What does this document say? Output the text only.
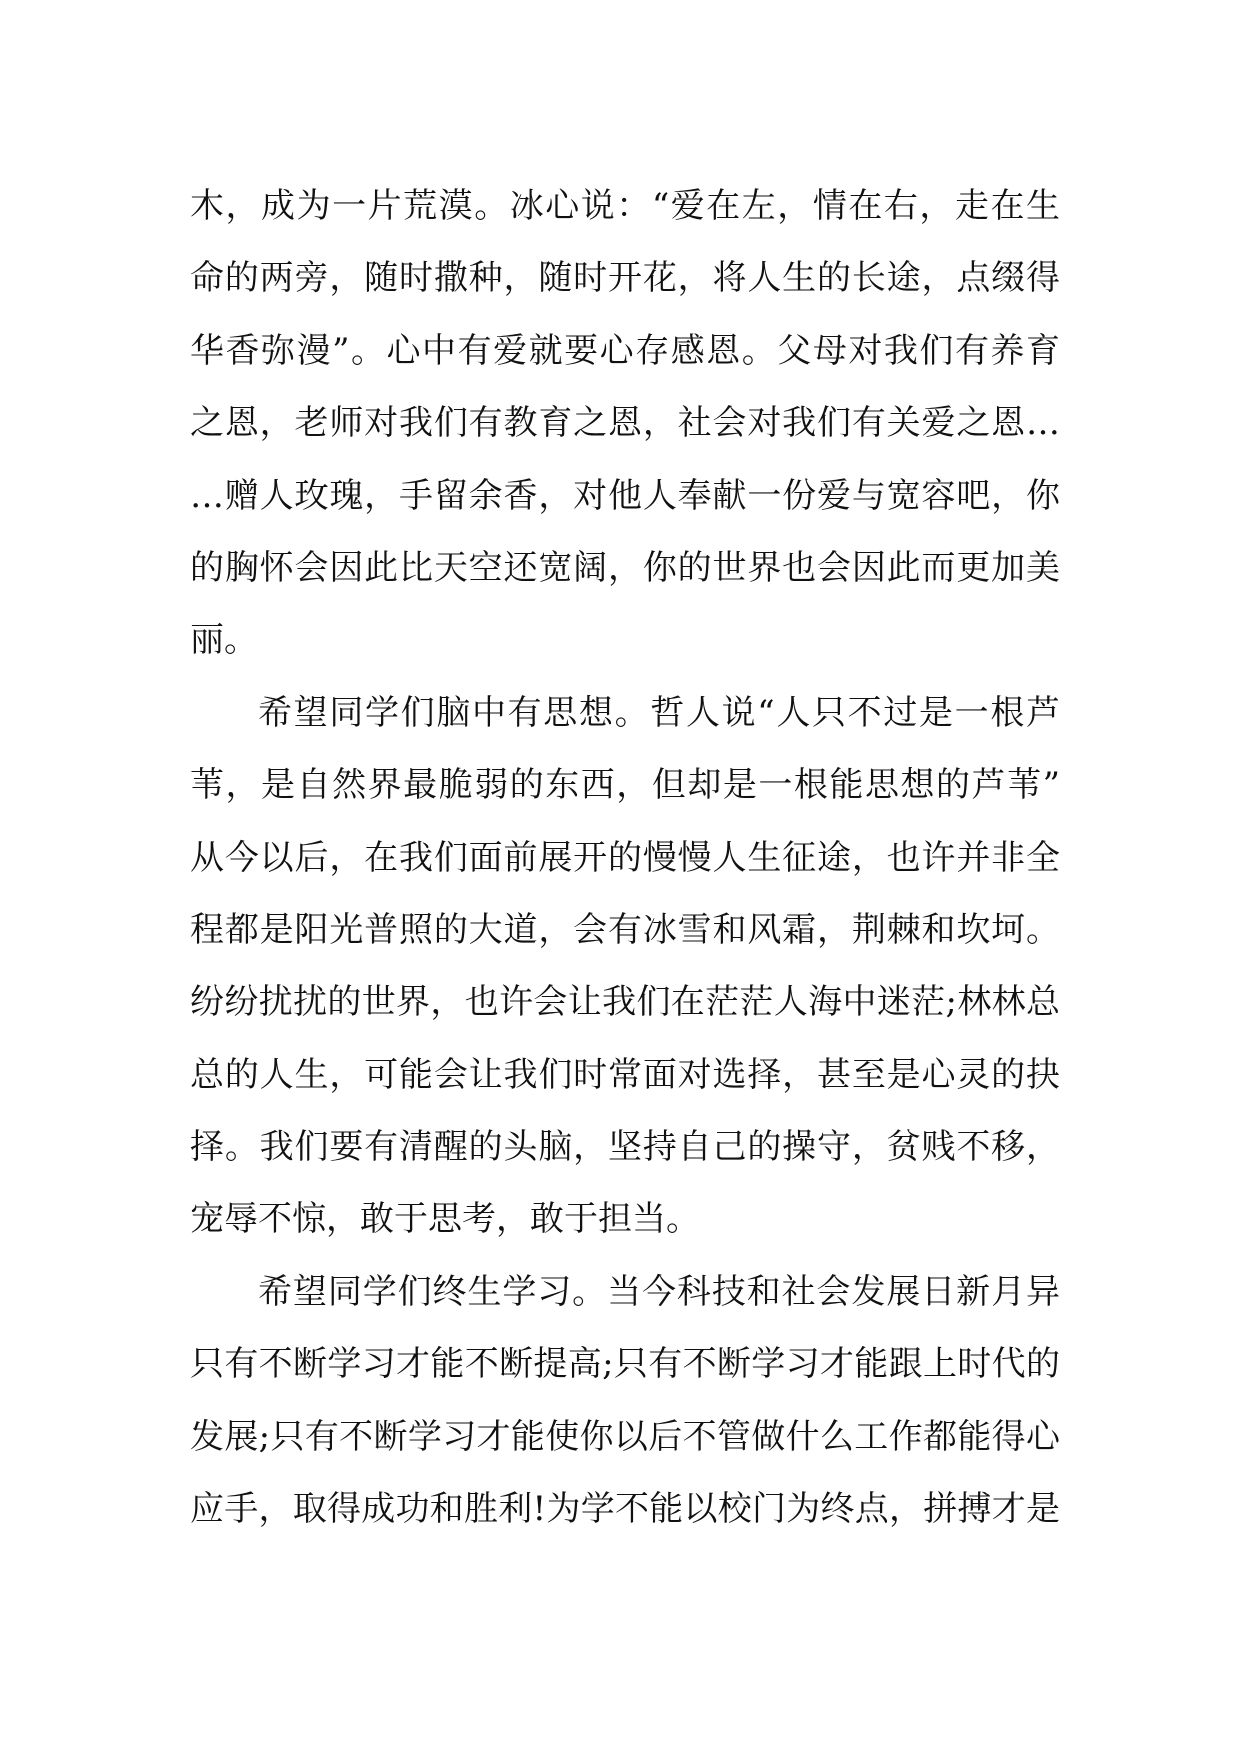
木，成为一片荒漠。冰心说：“爱在左，情在右，走在生
命的两旁，随时撒种，随时开花，将人生的长途，点缀得
华香弥漫”。心中有爱就要心存感恩。父母对我们有养育
之恩，老师对我们有教育之恩，社会对我们有关爱之恩…
…赠人玫瑰，手留余香，对他人奉献一份爱与宽容吧，你
的胸怀会因此比天空还宽阔，你的世界也会因此而更加美
丽。
希望同学们脑中有思想。哲人说“人只不过是一根芦
苇，是自然界最脆弱的东西，但却是一根能思想的芦苇”
从今以后，在我们面前展开的慢慢人生征途，也许并非全
程都是阳光普照的大道，会有冰雪和风霜，荆棘和坎坷。
纷纷扰扰的世界，也许会让我们在茫茫人海中迷茫;林林总
总的人生，可能会让我们时常面对选择，甚至是心灵的抉
择。我们要有清醒的头脑，坚持自己的操守，贫贱不移，
宠辱不惊，敢于思考，敢于担当。
希望同学们终生学习。当今科技和社会发展日新月异
只有不断学习才能不断提高;只有不断学习才能跟上时代的
发展;只有不断学习才能使你以后不管做什么工作都能得心
应手，取得成功和胜利!为学不能以校门为终点，拼搏才是
